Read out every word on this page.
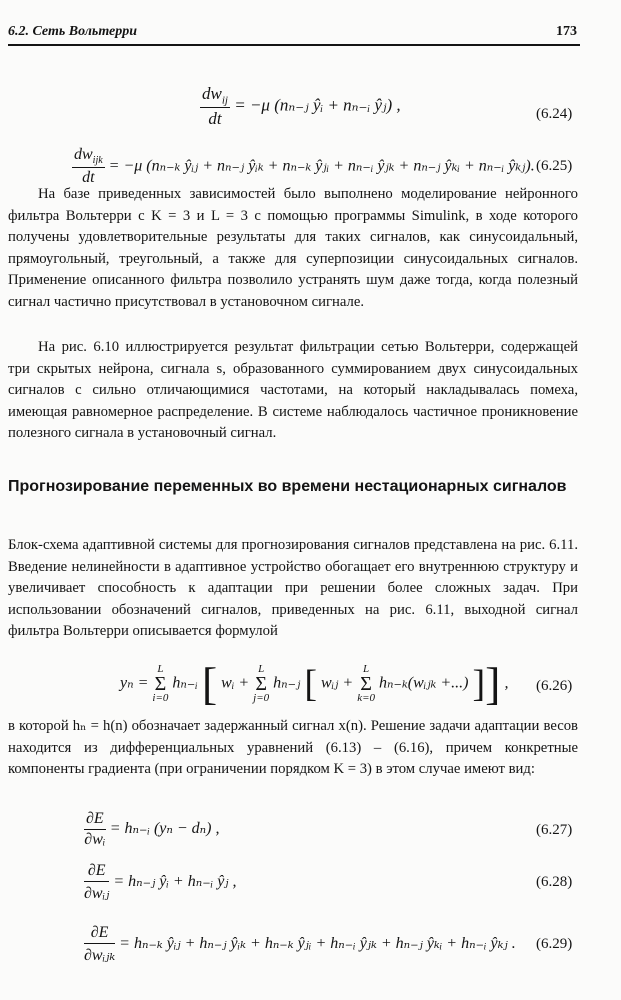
6.2. Сеть Вольтерри	173
$\frac{dw_{ij}}{dt} = -\mu$ (nₙ₋ⱼ ŷᵢ + nₙ₋ᵢ ŷⱼ) ,	(6.24)
$\frac{dw_{ijk}}{dt} = -\mu$ (nₙ₋ₖ ŷᵢⱼ + nₙ₋ⱼ ŷᵢₖ + nₙ₋ₖ ŷⱼᵢ + nₙ₋ᵢ ŷⱼₖ + nₙ₋ⱼ ŷₖᵢ + nₙ₋ᵢ ŷₖⱼ). (6.25)
На базе приведенных зависимостей было выполнено моделирование нейронного фильтра Вольтерри с K = 3 и L = 3 с помощью программы Simulink, в ходе которого получены удовлетворительные результаты для таких сигналов, как синусоидальный, прямоугольный, треугольный, а также для суперпозиции синусоидальных сигналов. Применение описанного фильтра позволило устранять шум даже тогда, когда полезный сигнал частично присутствовал в установочном сигнале.
На рис. 6.10 иллюстрируется результат фильтрации сетью Вольтерри, содержащей три скрытых нейрона, сигнала s, образованного суммированием двух синусоидальных сигналов с сильно отличающимися частотами, на который накладывалась помеха, имеющая равномерное распределение. В системе наблюдалось частичное проникновение полезного сигнала в установочный сигнал.
Прогнозирование переменных во времени нестационарных сигналов
Блок-схема адаптивной системы для прогнозирования сигналов представлена на рис. 6.11. Введение нелинейности в адаптивное устройство обогащает его внутреннюю структуру и увеличивает способность к адаптации при решении более сложных задач. При использовании обозначений сигналов, приведенных на рис. 6.11, выходной сигнал фильтра Вольтерри описывается формулой
yₙ = L
Σ
i=0 hₙ₋ᵢ [ wᵢ + L
Σ
j=0 hₙ₋ⱼ [ wᵢⱼ + L
Σ
k=0 hₙ₋ₖ(wᵢⱼₖ +...) ]] , (6.26)
в которой hₙ = h(n) обозначает задержанный сигнал x(n). Решение задачи адаптации весов находится из дифференциальных уравнений (6.13) – (6.16), причем конкретные компоненты градиента (при ограничении порядком K = 3) в этом случае имеют вид:
$\frac{\partial E}{\text{∂wᵢ}}$ = hₙ₋ᵢ (yₙ − dₙ) ,	(6.27)
$\frac{\partial E}{\text{∂wᵢⱼ}}$ = hₙ₋ⱼ ŷᵢ + hₙ₋ᵢ ŷⱼ ,	(6.28)
$\frac{\partial E}{\text{∂wᵢⱼₖ}} = h_{n-k}$ ŷᵢⱼ + hₙ₋ⱼ ŷᵢₖ + hₙ₋ₖ ŷⱼᵢ + hₙ₋ᵢ ŷⱼₖ + hₙ₋ⱼ ŷₖᵢ + hₙ₋ᵢ ŷₖⱼ . (6.29)
